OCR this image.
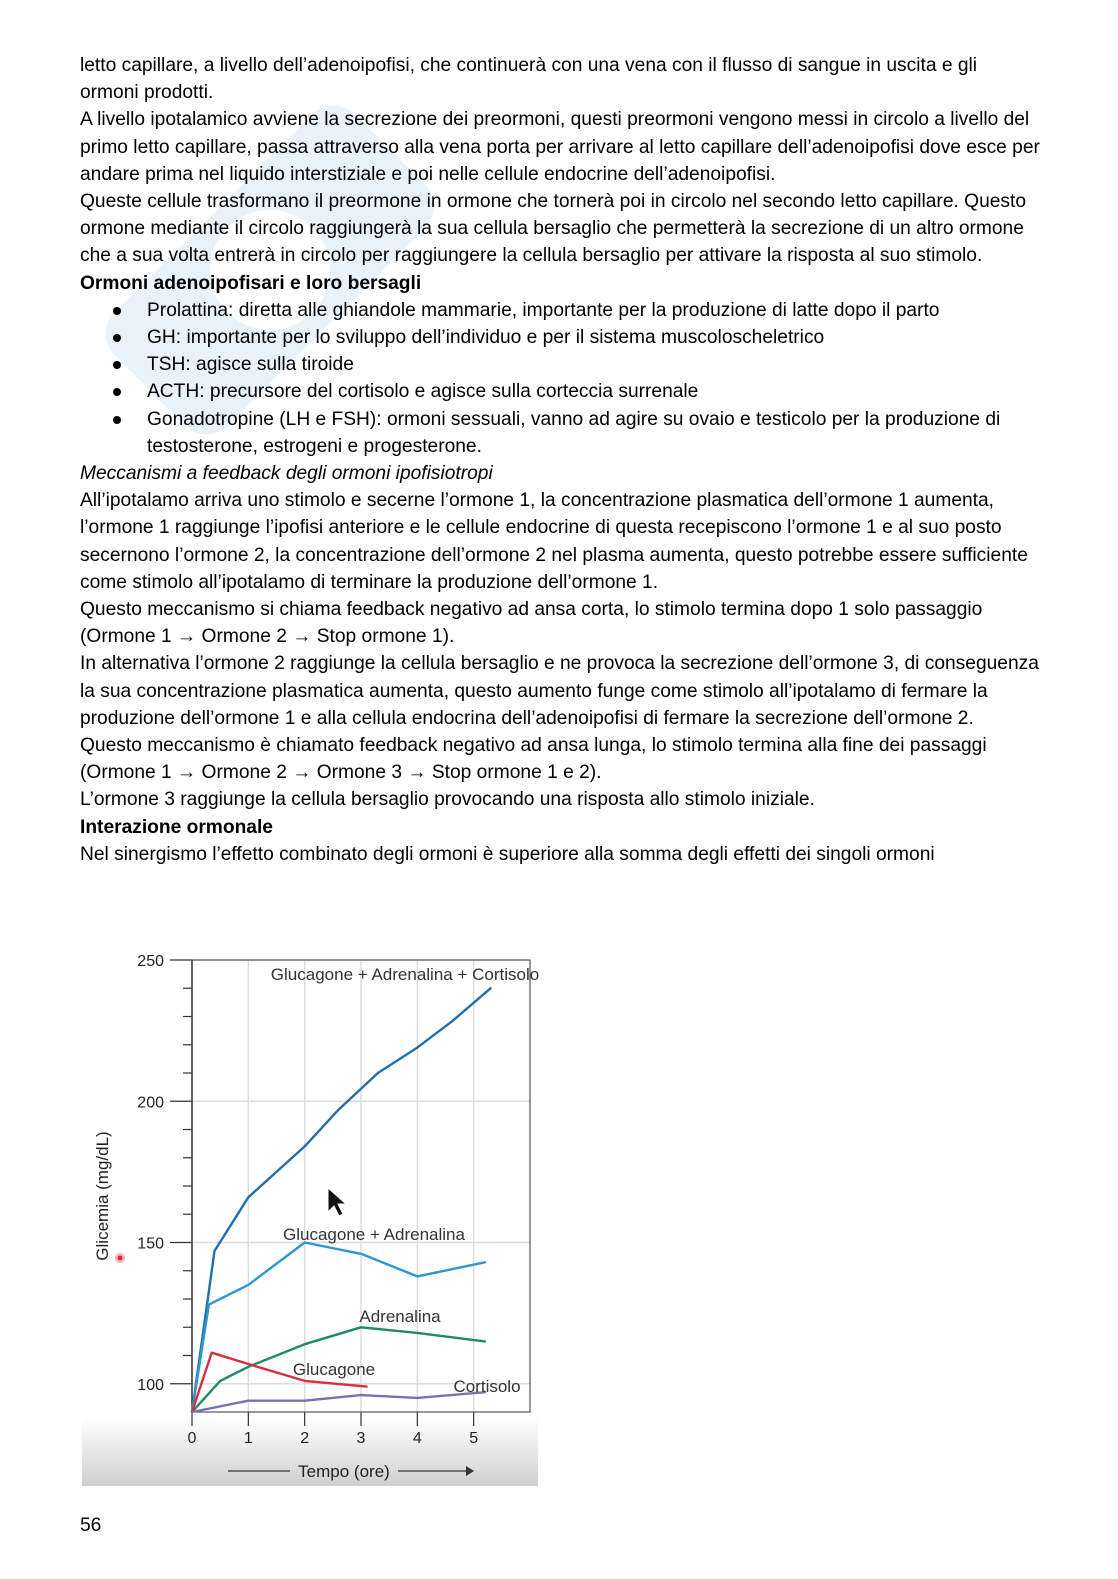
letto capillare, a livello dell’adenoipofisi, che continuerà con una vena con il flusso di sangue in uscita e gli ormoni prodotti.

A livello ipotalamico avviene la secrezione dei preormoni, questi preormoni vengono messi in circolo a livello del primo letto capillare, passa attraverso alla vena porta per arrivare al letto capillare dell’adenoipofisi dove esce per andare prima nel liquido interstiziale e poi nelle cellule endocrine dell’adenoipofisi.

Queste cellule trasformano il preormone in ormone che tornerà poi in circolo nel secondo letto capillare. Questo ormone mediante il circolo raggiungerà la sua cellula bersaglio che permetterà la secrezione di un altro ormone che a sua volta entrerà in circolo per raggiungere la cellula bersaglio per attivare la risposta al suo stimolo.

Ormoni adenoipofisari e loro bersagli

Prolattina: diretta alle ghiandole mammarie, importante per la produzione di latte dopo il parto
GH: importante per lo sviluppo dell’individuo e per il sistema muscoloscheletrico
TSH: agisce sulla tiroide
ACTH: precursore del cortisolo e agisce sulla corteccia surrenale
Gonadotropine (LH e FSH): ormoni sessuali, vanno ad agire su ovaio e testicolo per la produzione di testosterone, estrogeni e progesterone.

Meccanismi a feedback degli ormoni ipofisiotropi

All’ipotalamo arriva uno stimolo e secerne l’ormone 1, la concentrazione plasmatica dell’ormone 1 aumenta, l’ormone 1 raggiunge l’ipofisi anteriore e le cellule endocrine di questa recepiscono l’ormone 1 e al suo posto secernono l’ormone 2, la concentrazione dell’ormone 2 nel plasma aumenta, questo potrebbe essere sufficiente come stimolo all’ipotalamo di terminare la produzione dell’ormone 1.

Questo meccanismo si chiama feedback negativo ad ansa corta, lo stimolo termina dopo 1 solo passaggio (Ormone 1 → Ormone 2 → Stop ormone 1).

In alternativa l’ormone 2 raggiunge la cellula bersaglio e ne provoca la secrezione dell’ormone 3, di conseguenza la sua concentrazione plasmatica aumenta, questo aumento funge come stimolo all’ipotalamo di fermare la produzione dell’ormone 1 e alla cellula endocrina dell’adenoipofisi di fermare la secrezione dell’ormone 2.

Questo meccanismo è chiamato feedback negativo ad ansa lunga, lo stimolo termina alla fine dei passaggi (Ormone 1 → Ormone 2 → Ormone 3 → Stop ormone 1 e 2).

L’ormone 3 raggiunge la cellula bersaglio provocando una risposta allo stimolo iniziale.

Interazione ormonale

Nel sinergismo l’effetto combinato degli ormoni è superiore alla somma degli effetti dei singoli ormoni

100
150
200
250
0	1	2	3	4	5
Tempo (ore)
Glicemia (mg/dL)
Glucagone + Adrenalina + Cortisolo
Glucagone + Adrenalina
Adrenalina
Glucagone
Cortisolo
56
